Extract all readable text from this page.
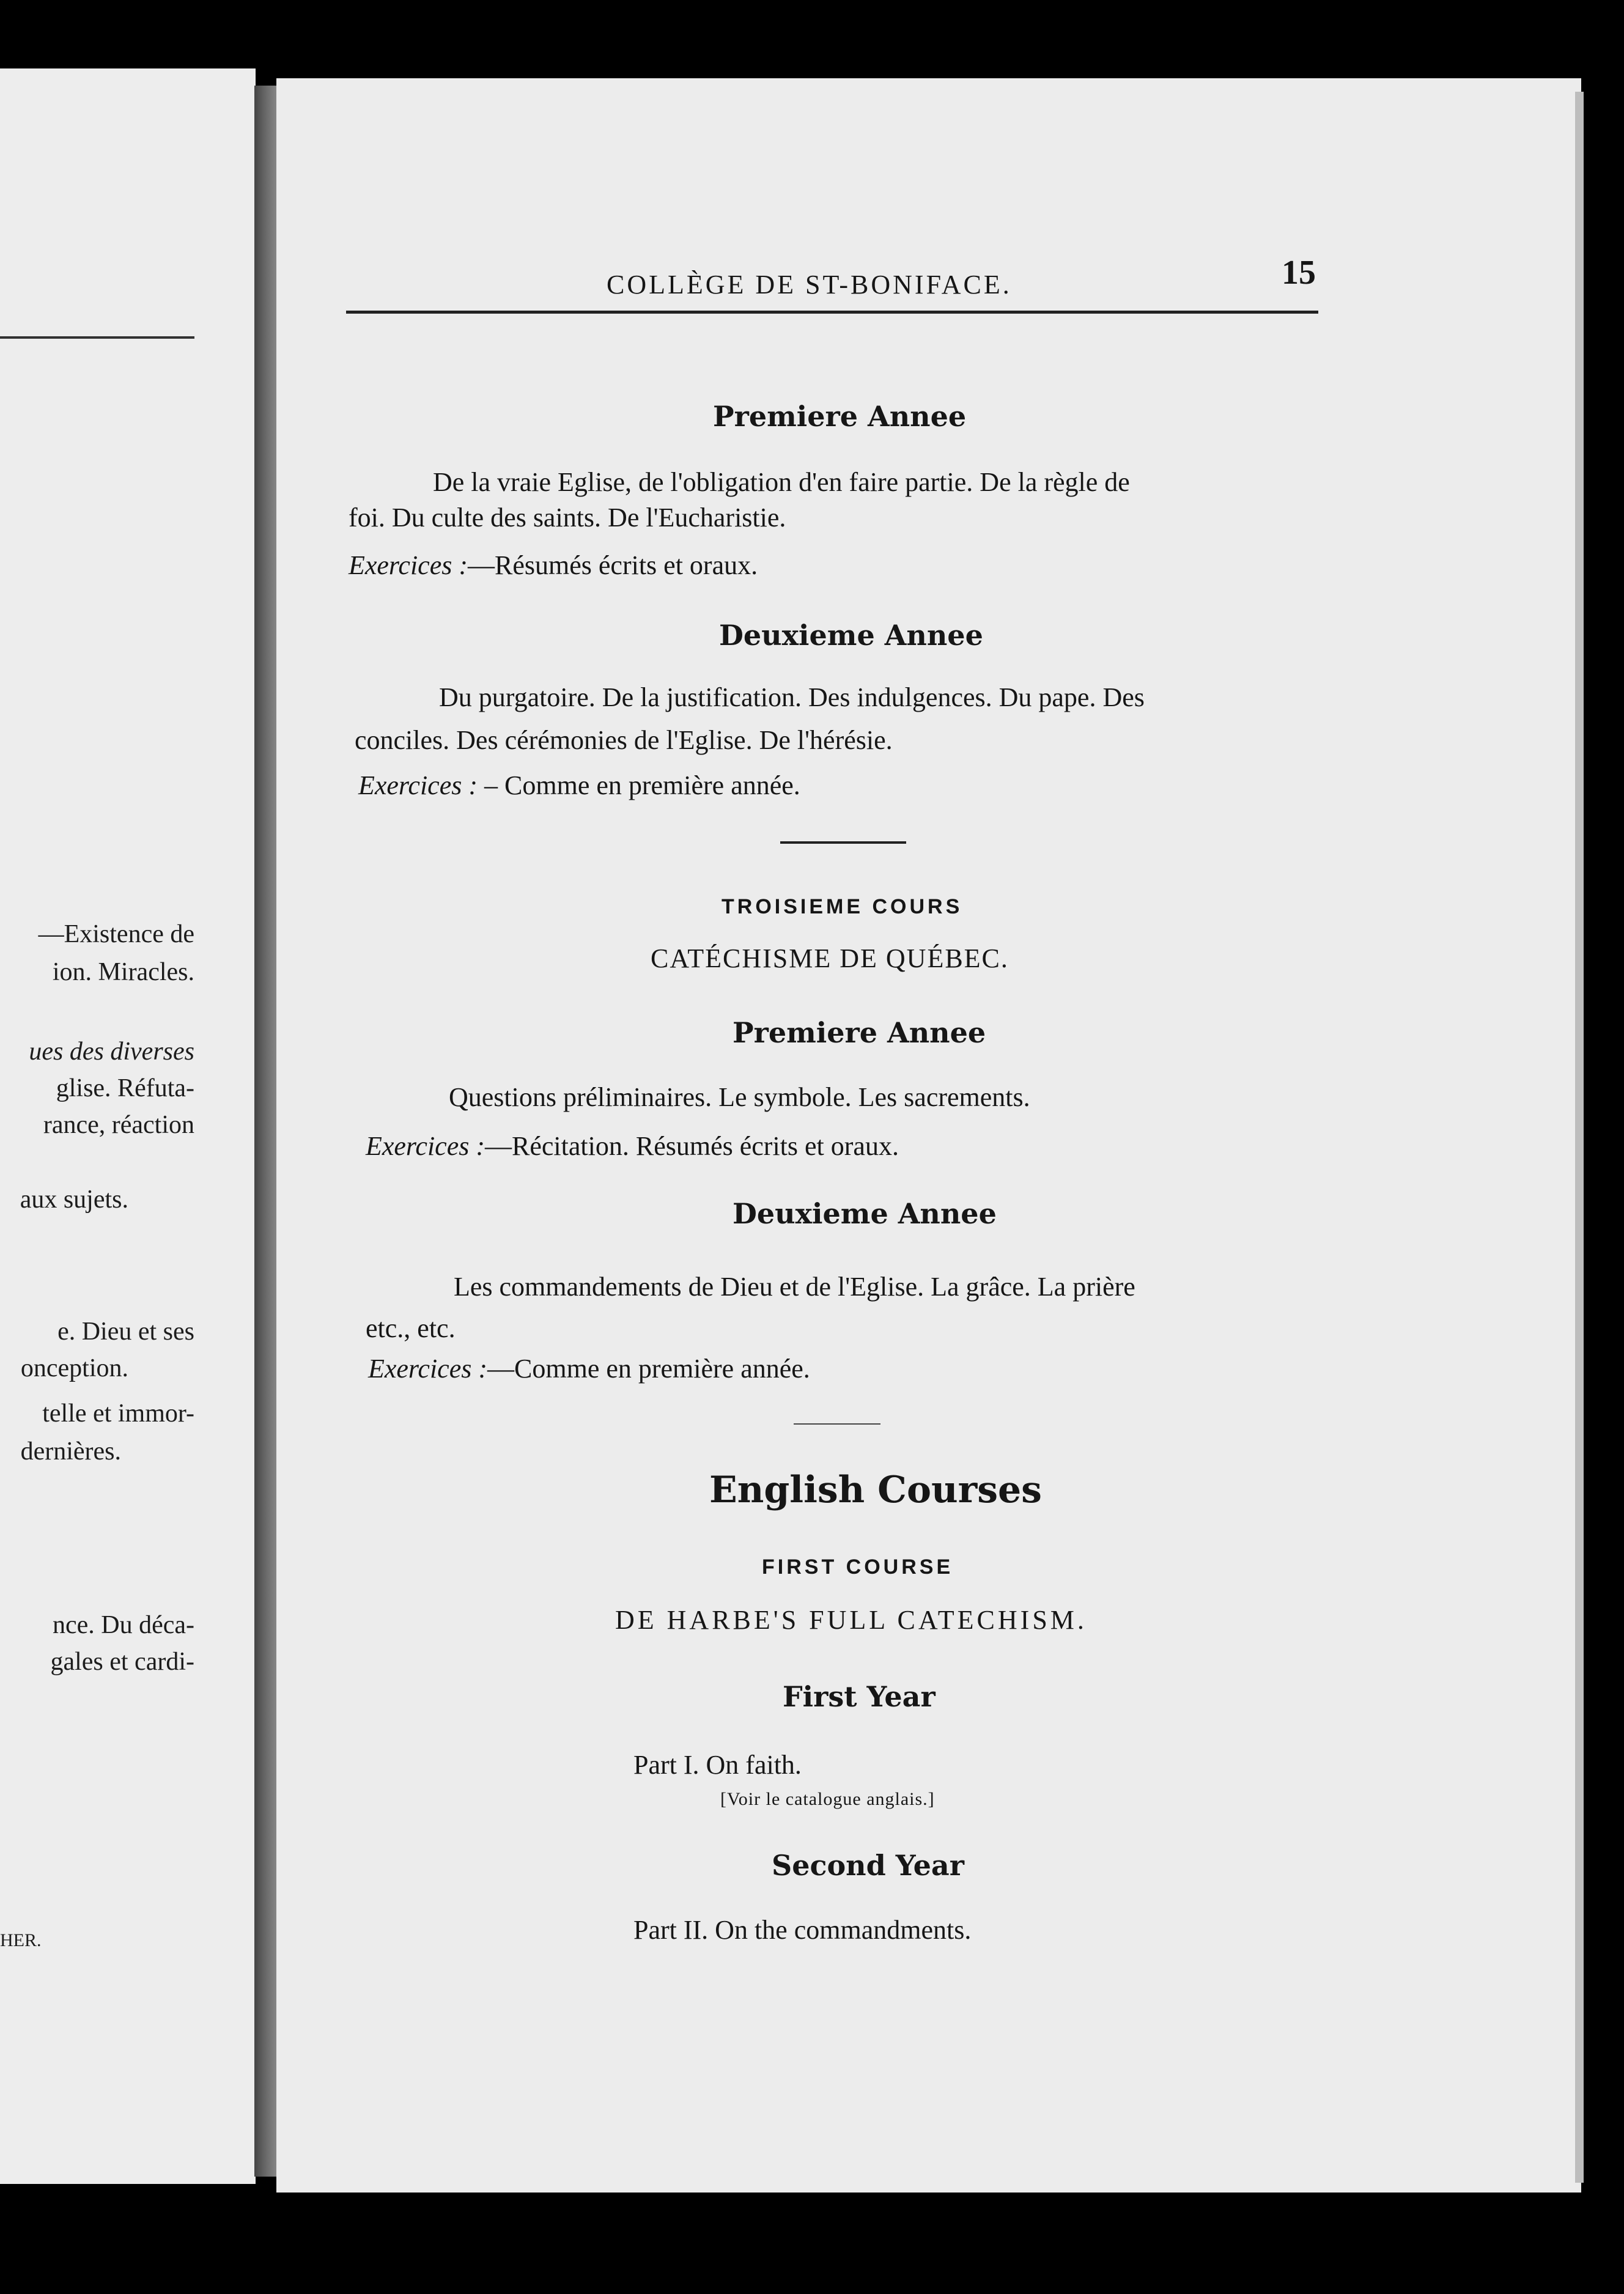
—Existence de
ion. Miracles.
ues des diverses
glise. Réfuta-
rance, réaction
aux sujets.
e. Dieu et ses
onception.
telle et immor-
dernières.
nce. Du déca-
gales et cardi-
HER.
COLLÈGE DE ST-BONIFACE.	15
Premiere Annee
De la vraie Eglise, de l'obligation d'en faire partie. De la règle de
foi. Du culte des saints. De l'Eucharistie.
Exercices :—Résumés écrits et oraux.
Deuxieme Annee
Du purgatoire. De la justification. Des indulgences. Du pape. Des
conciles. Des cérémonies de l'Eglise. De l'hérésie.
Exercices : – Comme en première année.
TROISIEME COURS
CATÉCHISME DE QUÉBEC.
Premiere Annee
Questions préliminaires. Le symbole. Les sacrements.
Exercices :—Récitation. Résumés écrits et oraux.
Deuxieme Annee
Les commandements de Dieu et de l'Eglise. La grâce. La prière
etc., etc.
Exercices :—Comme en première année.
English Courses
FIRST COURSE
DE HARBE'S FULL CATECHISM.
First Year
Part I. On faith.
[Voir le catalogue anglais.]
Second Year
Part II. On the commandments.
